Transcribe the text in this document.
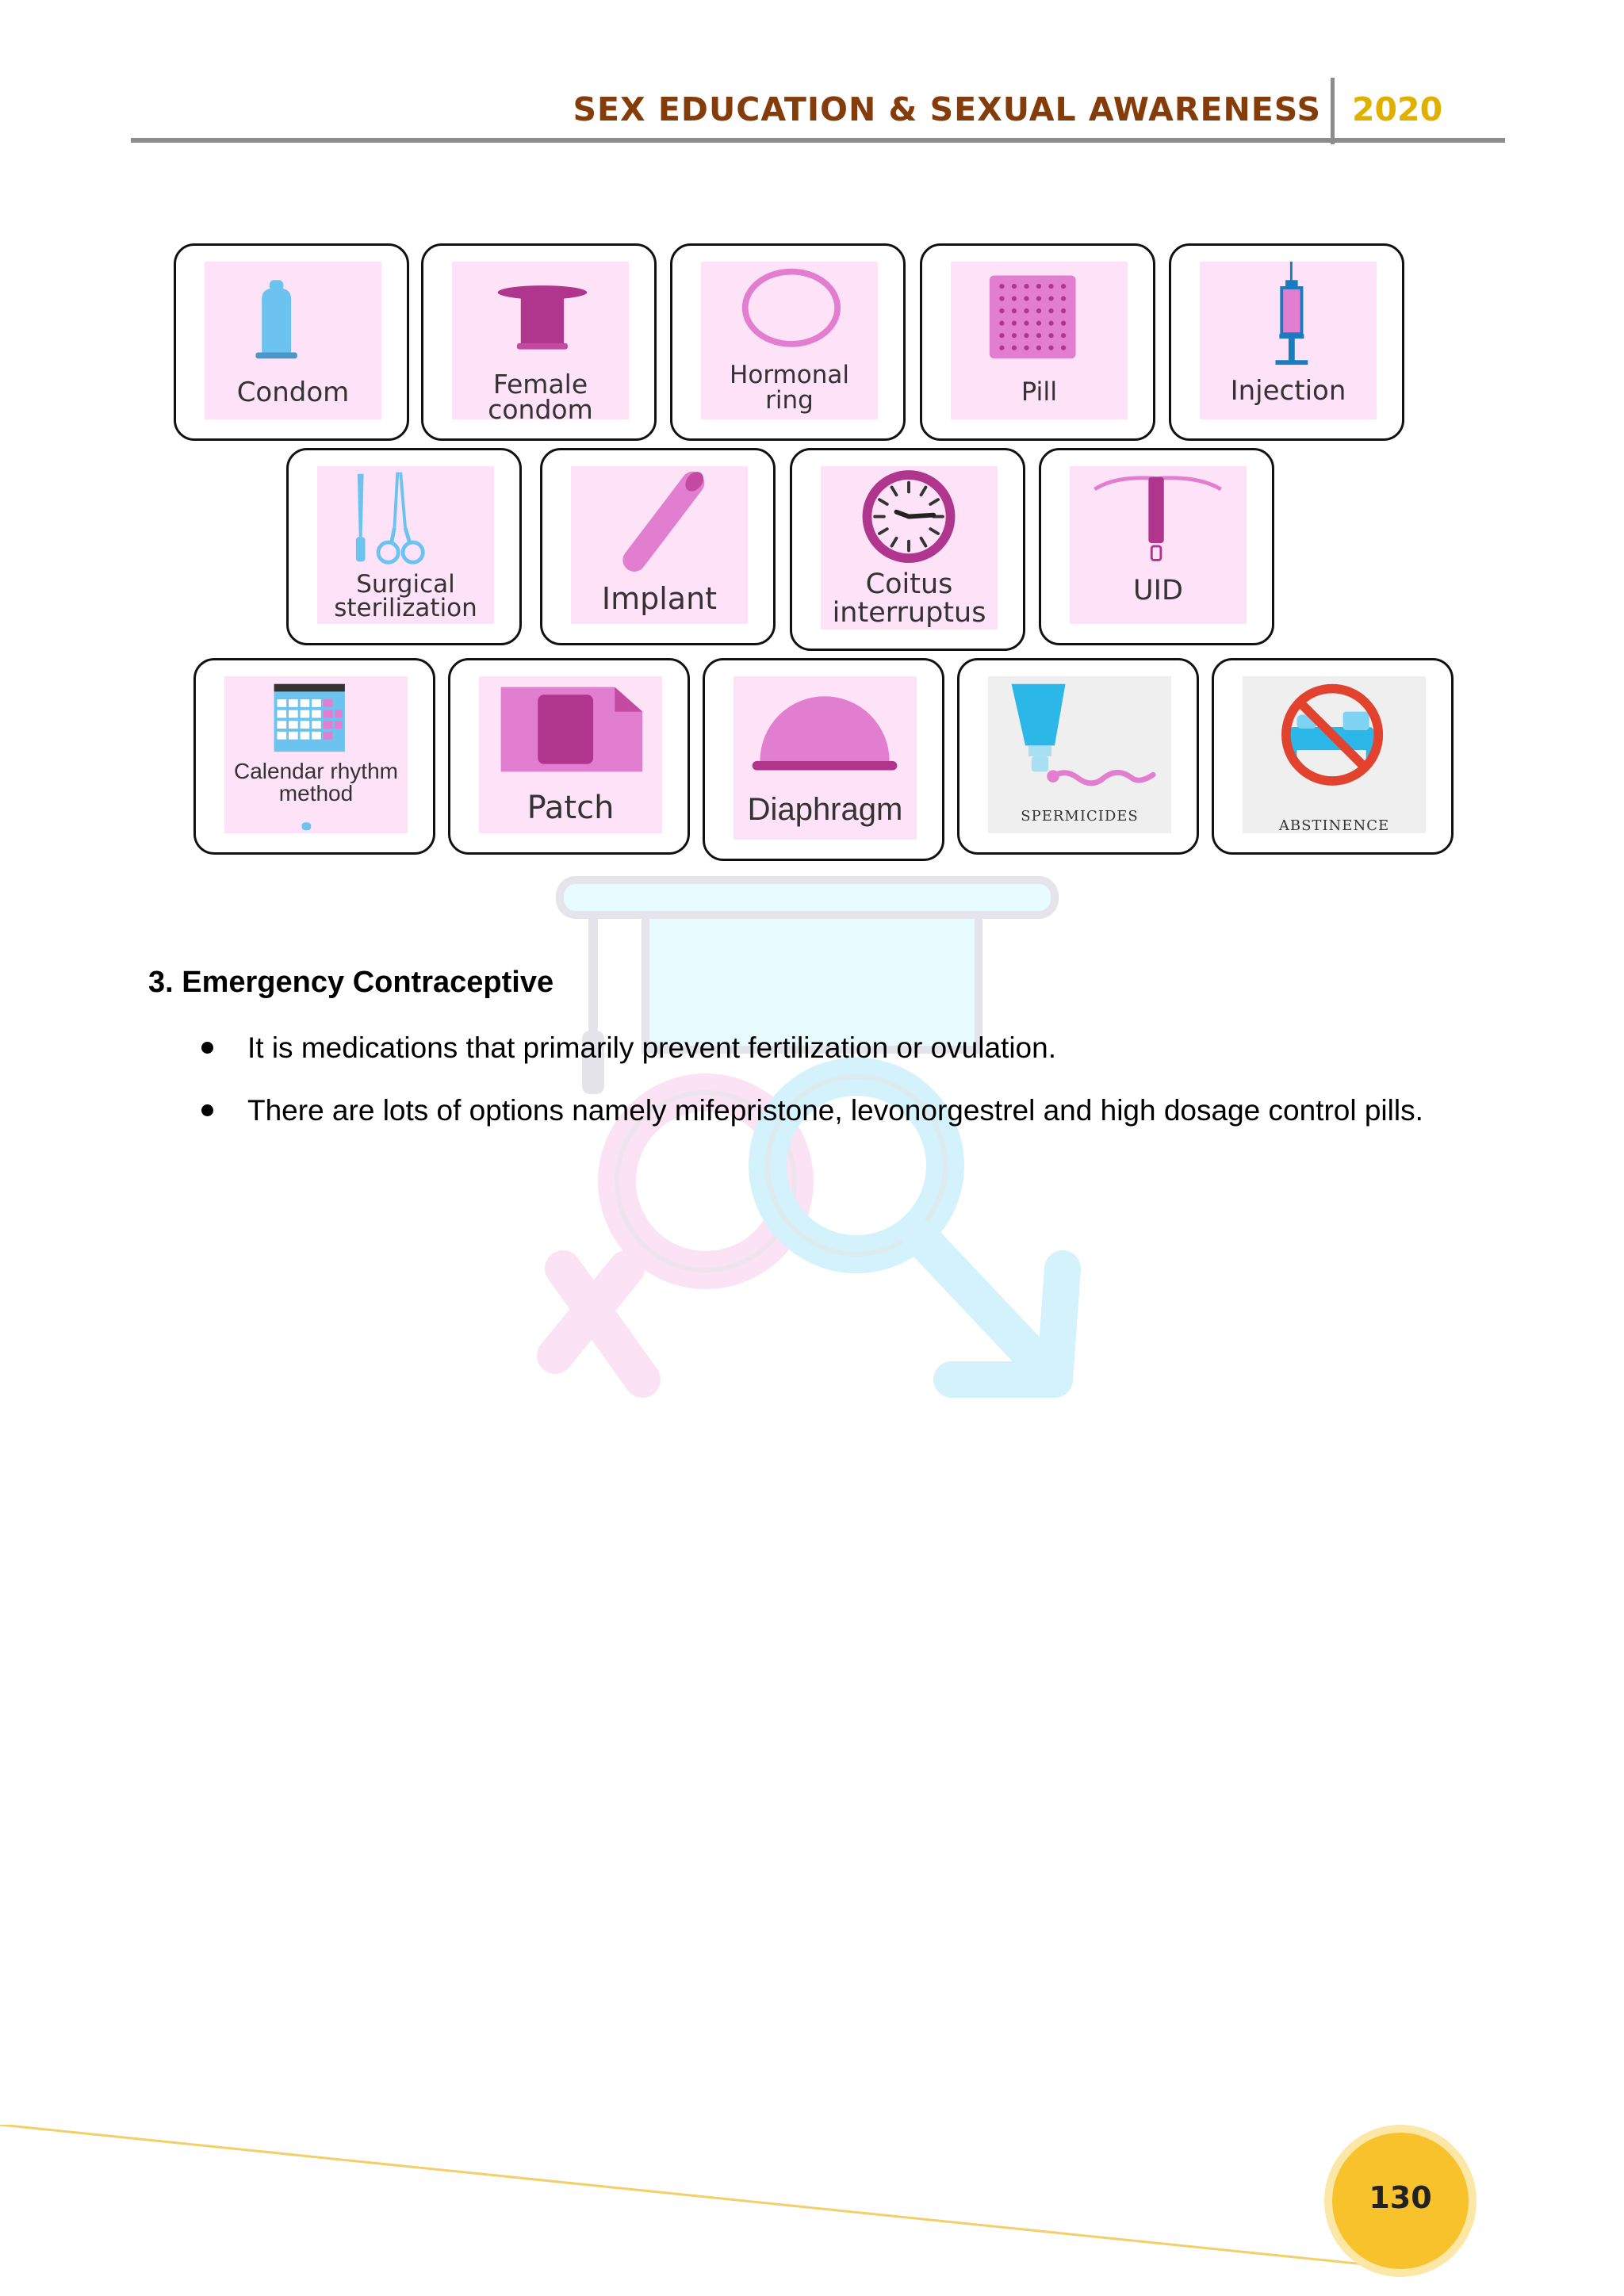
SEX EDUCATION & SEXUAL AWARENESS 2020
Condom	Female
condom
Hormonal
ring	Pill	Injection
Surgical
sterilization	Implant	Coitus
interruptus
UID
Calendar rhythm
method	Patch	Diaphragm	SPERMICIDES
ABSTINENCE
3. Emergency Contraceptive
It is medications that primarily prevent fertilization or ovulation.
There are lots of options namely mifepristone, levonorgestrel and high dosage control pills.
130
